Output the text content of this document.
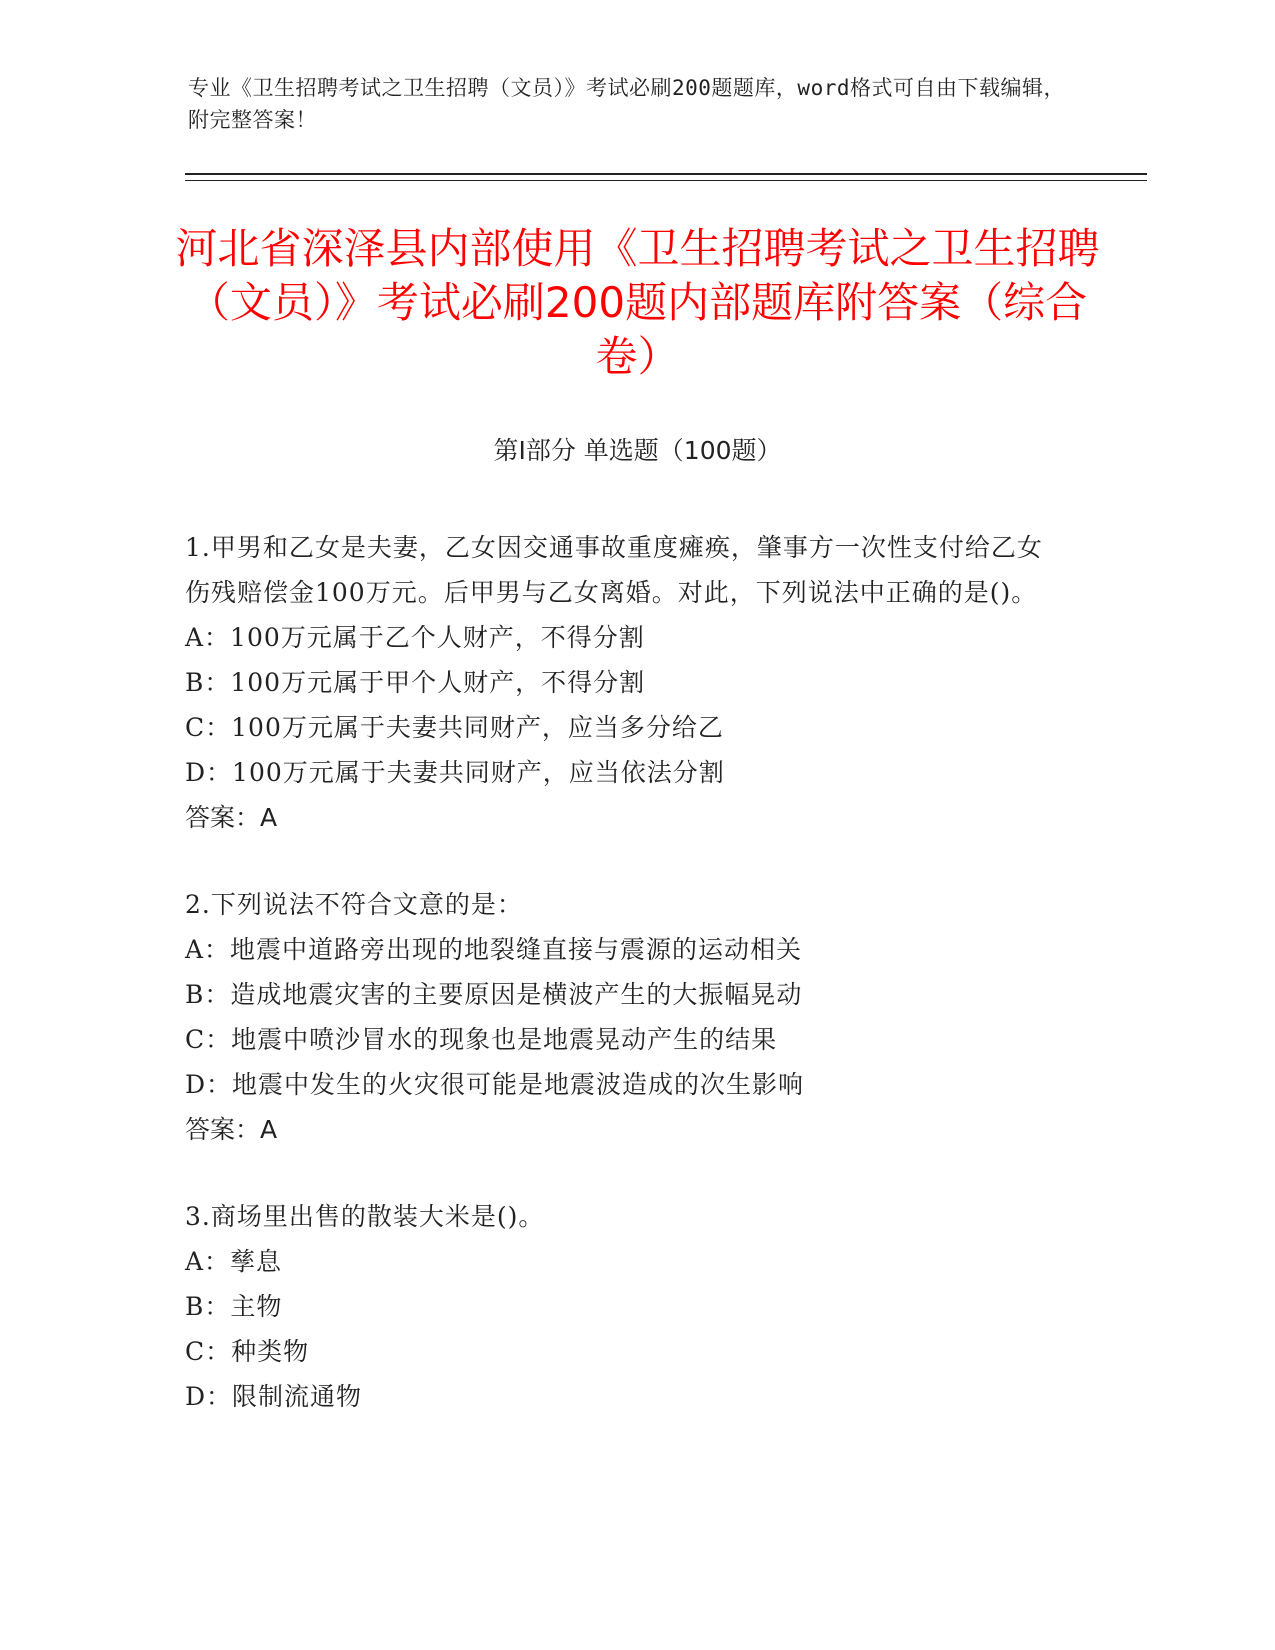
专业《卫生招聘考试之卫生招聘（文员）》考试必刷200题题库，word格式可自由下载编辑，附完整答案！
河北省深泽县内部使用《卫生招聘考试之卫生招聘（文员）》考试必刷200题内部题库附答案（综合卷）
第I部分 单选题（100题）
1.甲男和乙女是夫妻，乙女因交通事故重度瘫痪，肇事方一次性支付给乙女伤残赔偿金100万元。后甲男与乙女离婚。对此，下列说法中正确的是()。
A：100万元属于乙个人财产，不得分割
B：100万元属于甲个人财产，不得分割
C：100万元属于夫妻共同财产，应当多分给乙
D：100万元属于夫妻共同财产，应当依法分割
答案：A
2.下列说法不符合文意的是：
A：地震中道路旁出现的地裂缝直接与震源的运动相关
B：造成地震灾害的主要原因是横波产生的大振幅晃动
C：地震中喷沙冒水的现象也是地震晃动产生的结果
D：地震中发生的火灾很可能是地震波造成的次生影响
答案：A
3.商场里出售的散装大米是()。
A：孳息
B：主物
C：种类物
D：限制流通物
